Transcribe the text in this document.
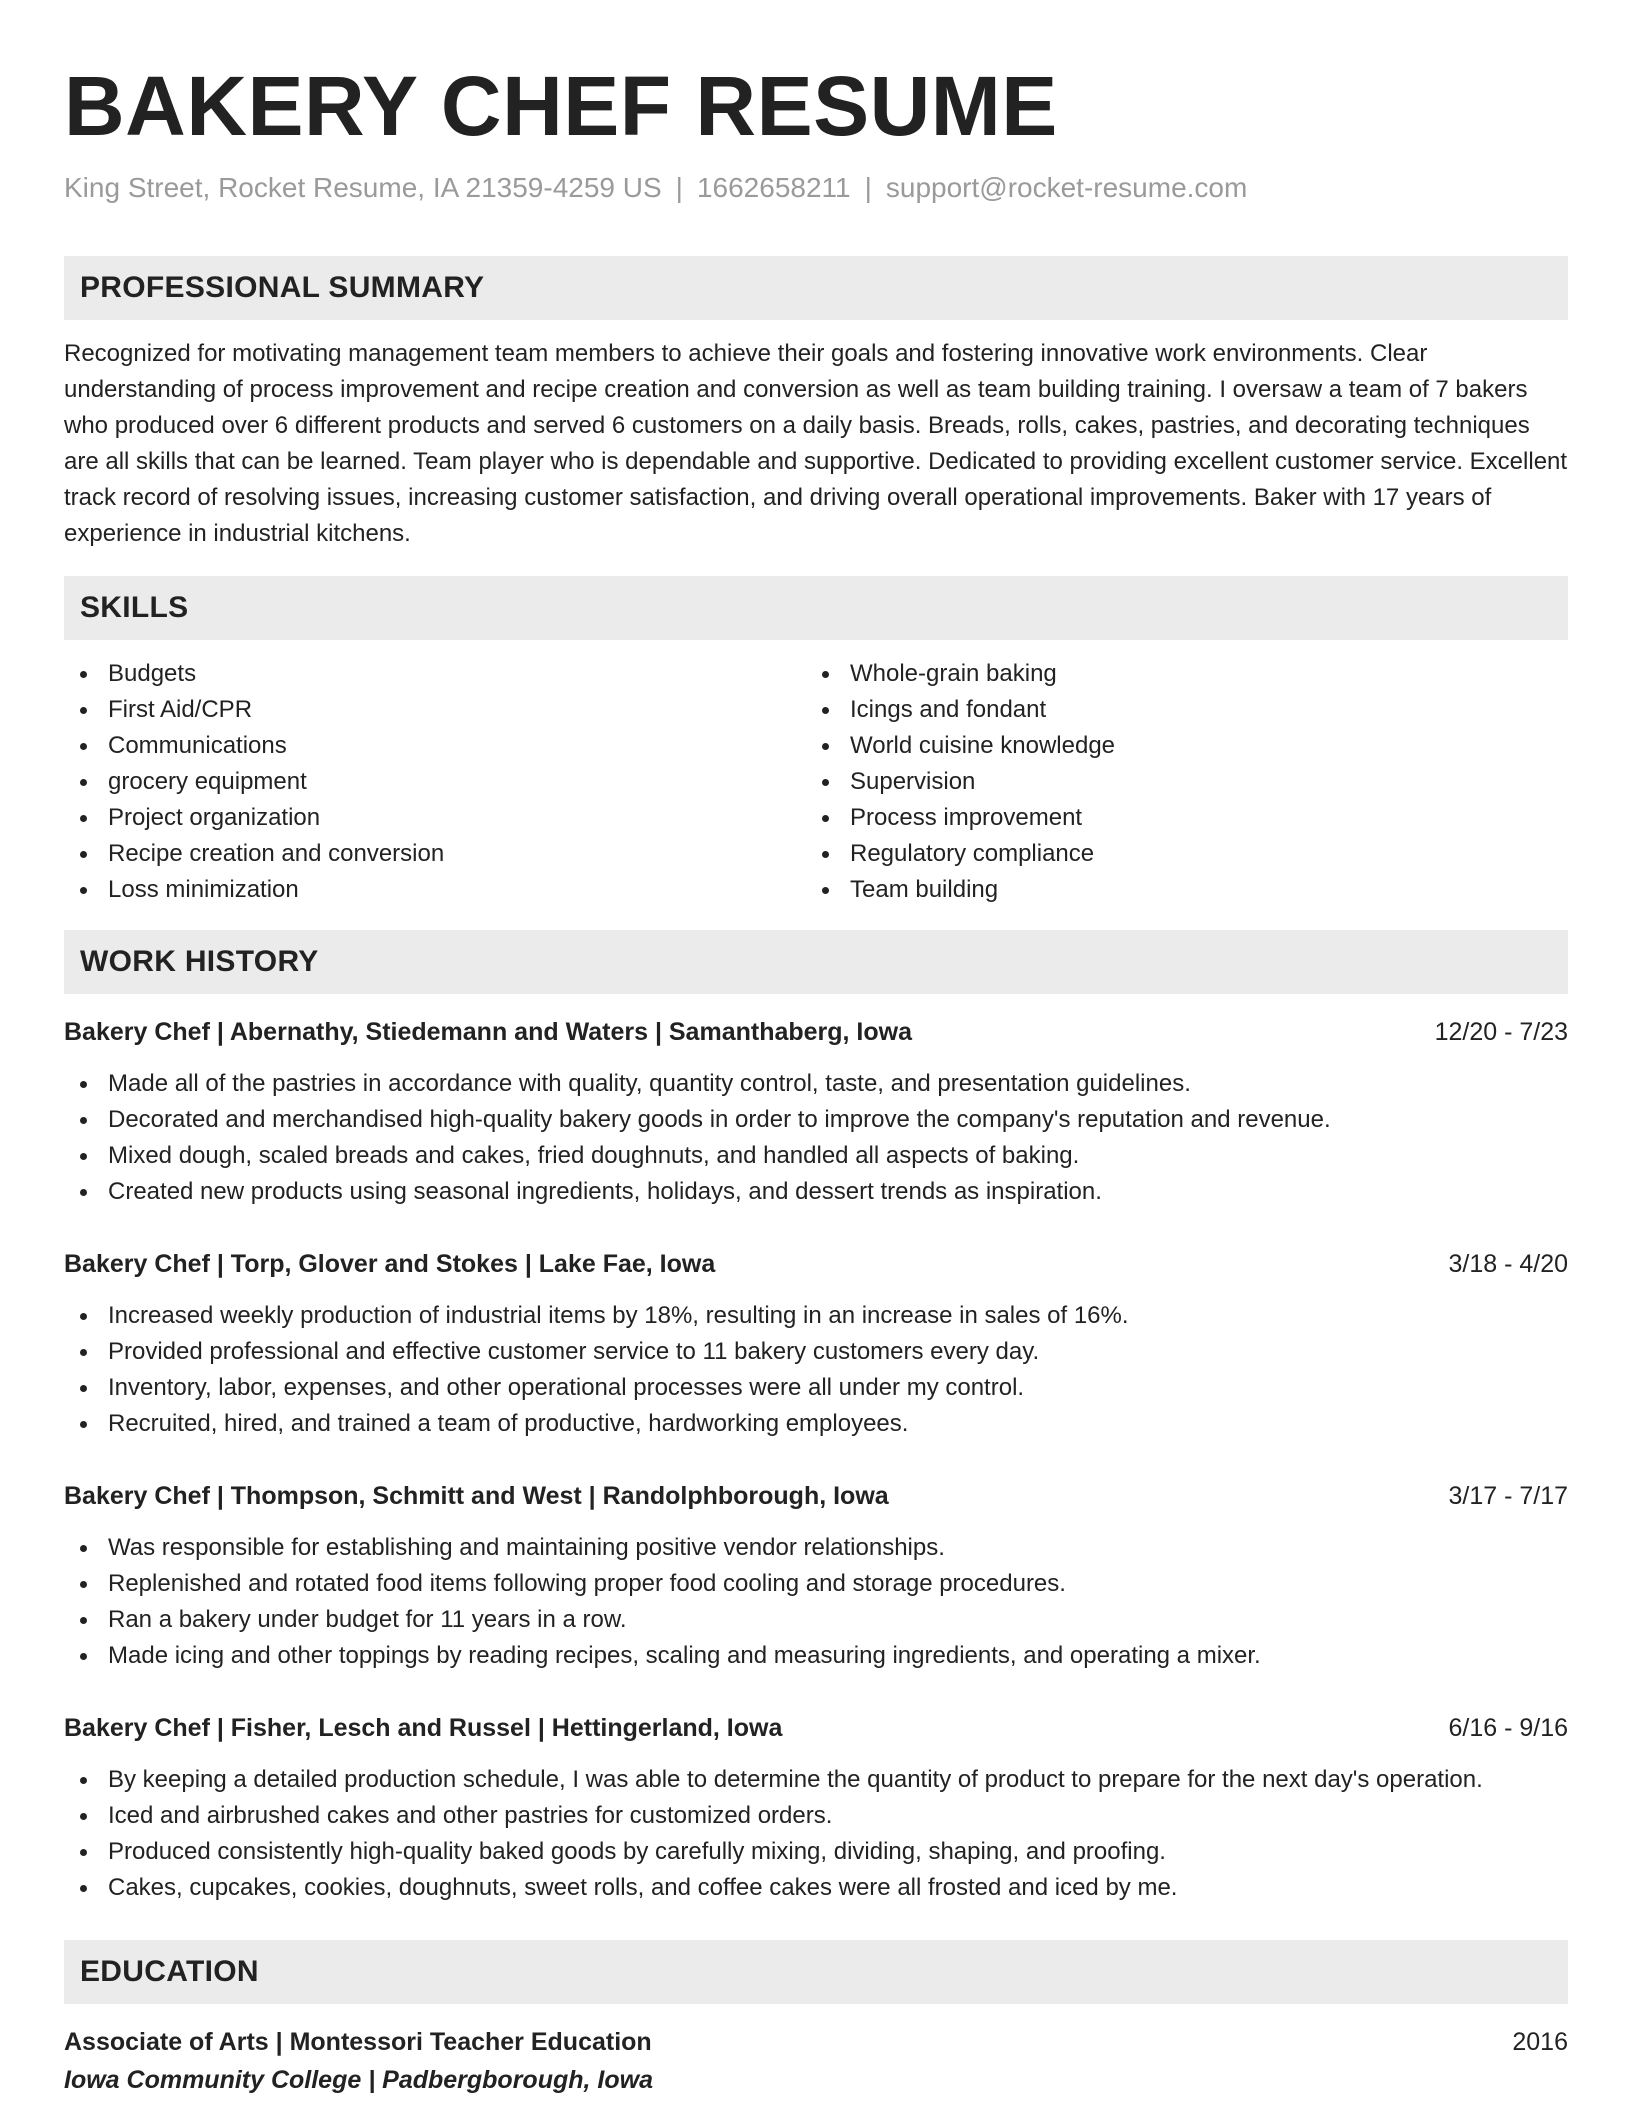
BAKERY CHEF RESUME
King Street, Rocket Resume, IA 21359-4259 US | 1662658211 | support@rocket-resume.com
PROFESSIONAL SUMMARY
Recognized for motivating management team members to achieve their goals and fostering innovative work environments. Clear understanding of process improvement and recipe creation and conversion as well as team building training. I oversaw a team of 7 bakers who produced over 6 different products and served 6 customers on a daily basis. Breads, rolls, cakes, pastries, and decorating techniques are all skills that can be learned. Team player who is dependable and supportive. Dedicated to providing excellent customer service. Excellent track record of resolving issues, increasing customer satisfaction, and driving overall operational improvements. Baker with 17 years of experience in industrial kitchens.
SKILLS
Budgets
First Aid/CPR
Communications
grocery equipment
Project organization
Recipe creation and conversion
Loss minimization
Whole-grain baking
Icings and fondant
World cuisine knowledge
Supervision
Process improvement
Regulatory compliance
Team building
WORK HISTORY
Bakery Chef | Abernathy, Stiedemann and Waters | Samanthaberg, Iowa	12/20 - 7/23
Made all of the pastries in accordance with quality, quantity control, taste, and presentation guidelines.
Decorated and merchandised high-quality bakery goods in order to improve the company's reputation and revenue.
Mixed dough, scaled breads and cakes, fried doughnuts, and handled all aspects of baking.
Created new products using seasonal ingredients, holidays, and dessert trends as inspiration.
Bakery Chef | Torp, Glover and Stokes | Lake Fae, Iowa	3/18 - 4/20
Increased weekly production of industrial items by 18%, resulting in an increase in sales of 16%.
Provided professional and effective customer service to 11 bakery customers every day.
Inventory, labor, expenses, and other operational processes were all under my control.
Recruited, hired, and trained a team of productive, hardworking employees.
Bakery Chef | Thompson, Schmitt and West | Randolphborough, Iowa	3/17 - 7/17
Was responsible for establishing and maintaining positive vendor relationships.
Replenished and rotated food items following proper food cooling and storage procedures.
Ran a bakery under budget for 11 years in a row.
Made icing and other toppings by reading recipes, scaling and measuring ingredients, and operating a mixer.
Bakery Chef | Fisher, Lesch and Russel | Hettingerland, Iowa	6/16 - 9/16
By keeping a detailed production schedule, I was able to determine the quantity of product to prepare for the next day's operation.
Iced and airbrushed cakes and other pastries for customized orders.
Produced consistently high-quality baked goods by carefully mixing, dividing, shaping, and proofing.
Cakes, cupcakes, cookies, doughnuts, sweet rolls, and coffee cakes were all frosted and iced by me.
EDUCATION
Associate of Arts | Montessori Teacher Education	2016
Iowa Community College | Padbergborough, Iowa
